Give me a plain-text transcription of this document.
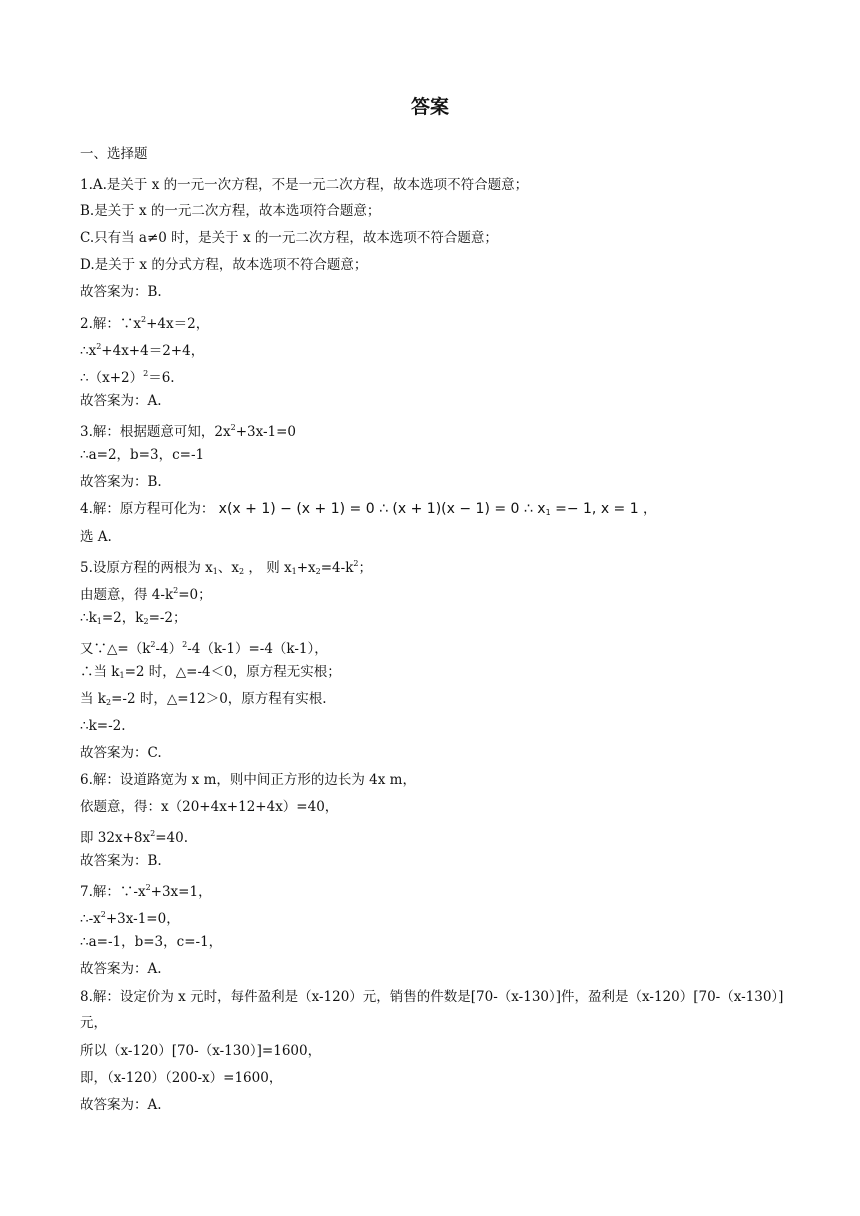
答案
一、选择题
1.A.是关于 x 的一元一次方程，不是一元二次方程，故本选项不符合题意；
B.是关于 x 的一元二次方程，故本选项符合题意；
C.只有当 a≠0 时，是关于 x 的一元二次方程，故本选项不符合题意；
D.是关于 x 的分式方程，故本选项不符合题意；
故答案为：B.
2.解：$\because x^2+4x=2$，
$\therefore x^2+4x+4=2+4$，
$\therefore(x+2)^2=6$.
故答案为：A.
3.解：根据题意可知，$2x^2+3x-1=0$
∴a=2，b=3，c=-1
故答案为：B.
4.解：原方程可化为： x(x + 1) − (x + 1) = 0 ∴ (x + 1)(x − 1) = 0 ∴ $x_1 =- 1$, x = 1 ，
选 A.
5.设原方程的两根为 $x_1$、$x_2$ ， 则 $x_1+x_2=4-k^2$；
由题意，得 $4-k^2=0$；
$\therefore k_1=2$，$k_2=-2$；
又$\because\triangle=(k^2-4)^2-4(k-1)=-4(k-1)$，
∴当 $k_1=2$ 时，△=-4＜0，原方程无实根；
当 $k_2=-2$ 时，△=12＞0，原方程有实根.
∴k=-2.
故答案为：C.
6.解：设道路宽为 x m，则中间正方形的边长为 4x m，
依题意，得：x（20+4x+12+4x）=40，
即 $32x+8x^2=40$.
故答案为：B.
7.解：$\because-x^2+3x=1$，
$\therefore-x^2+3x-1=0$，
∴a=-1，b=3，c=-1，
故答案为：A.
8.解：设定价为 x 元时，每件盈利是（x-120）元，销售的件数是[70-（x-130）]件，盈利是（x-120）[70-（x-130）]元，
所以（x-120）[70-（x-130）]=1600，
即，（x-120）（200-x）=1600，
故答案为：A.
